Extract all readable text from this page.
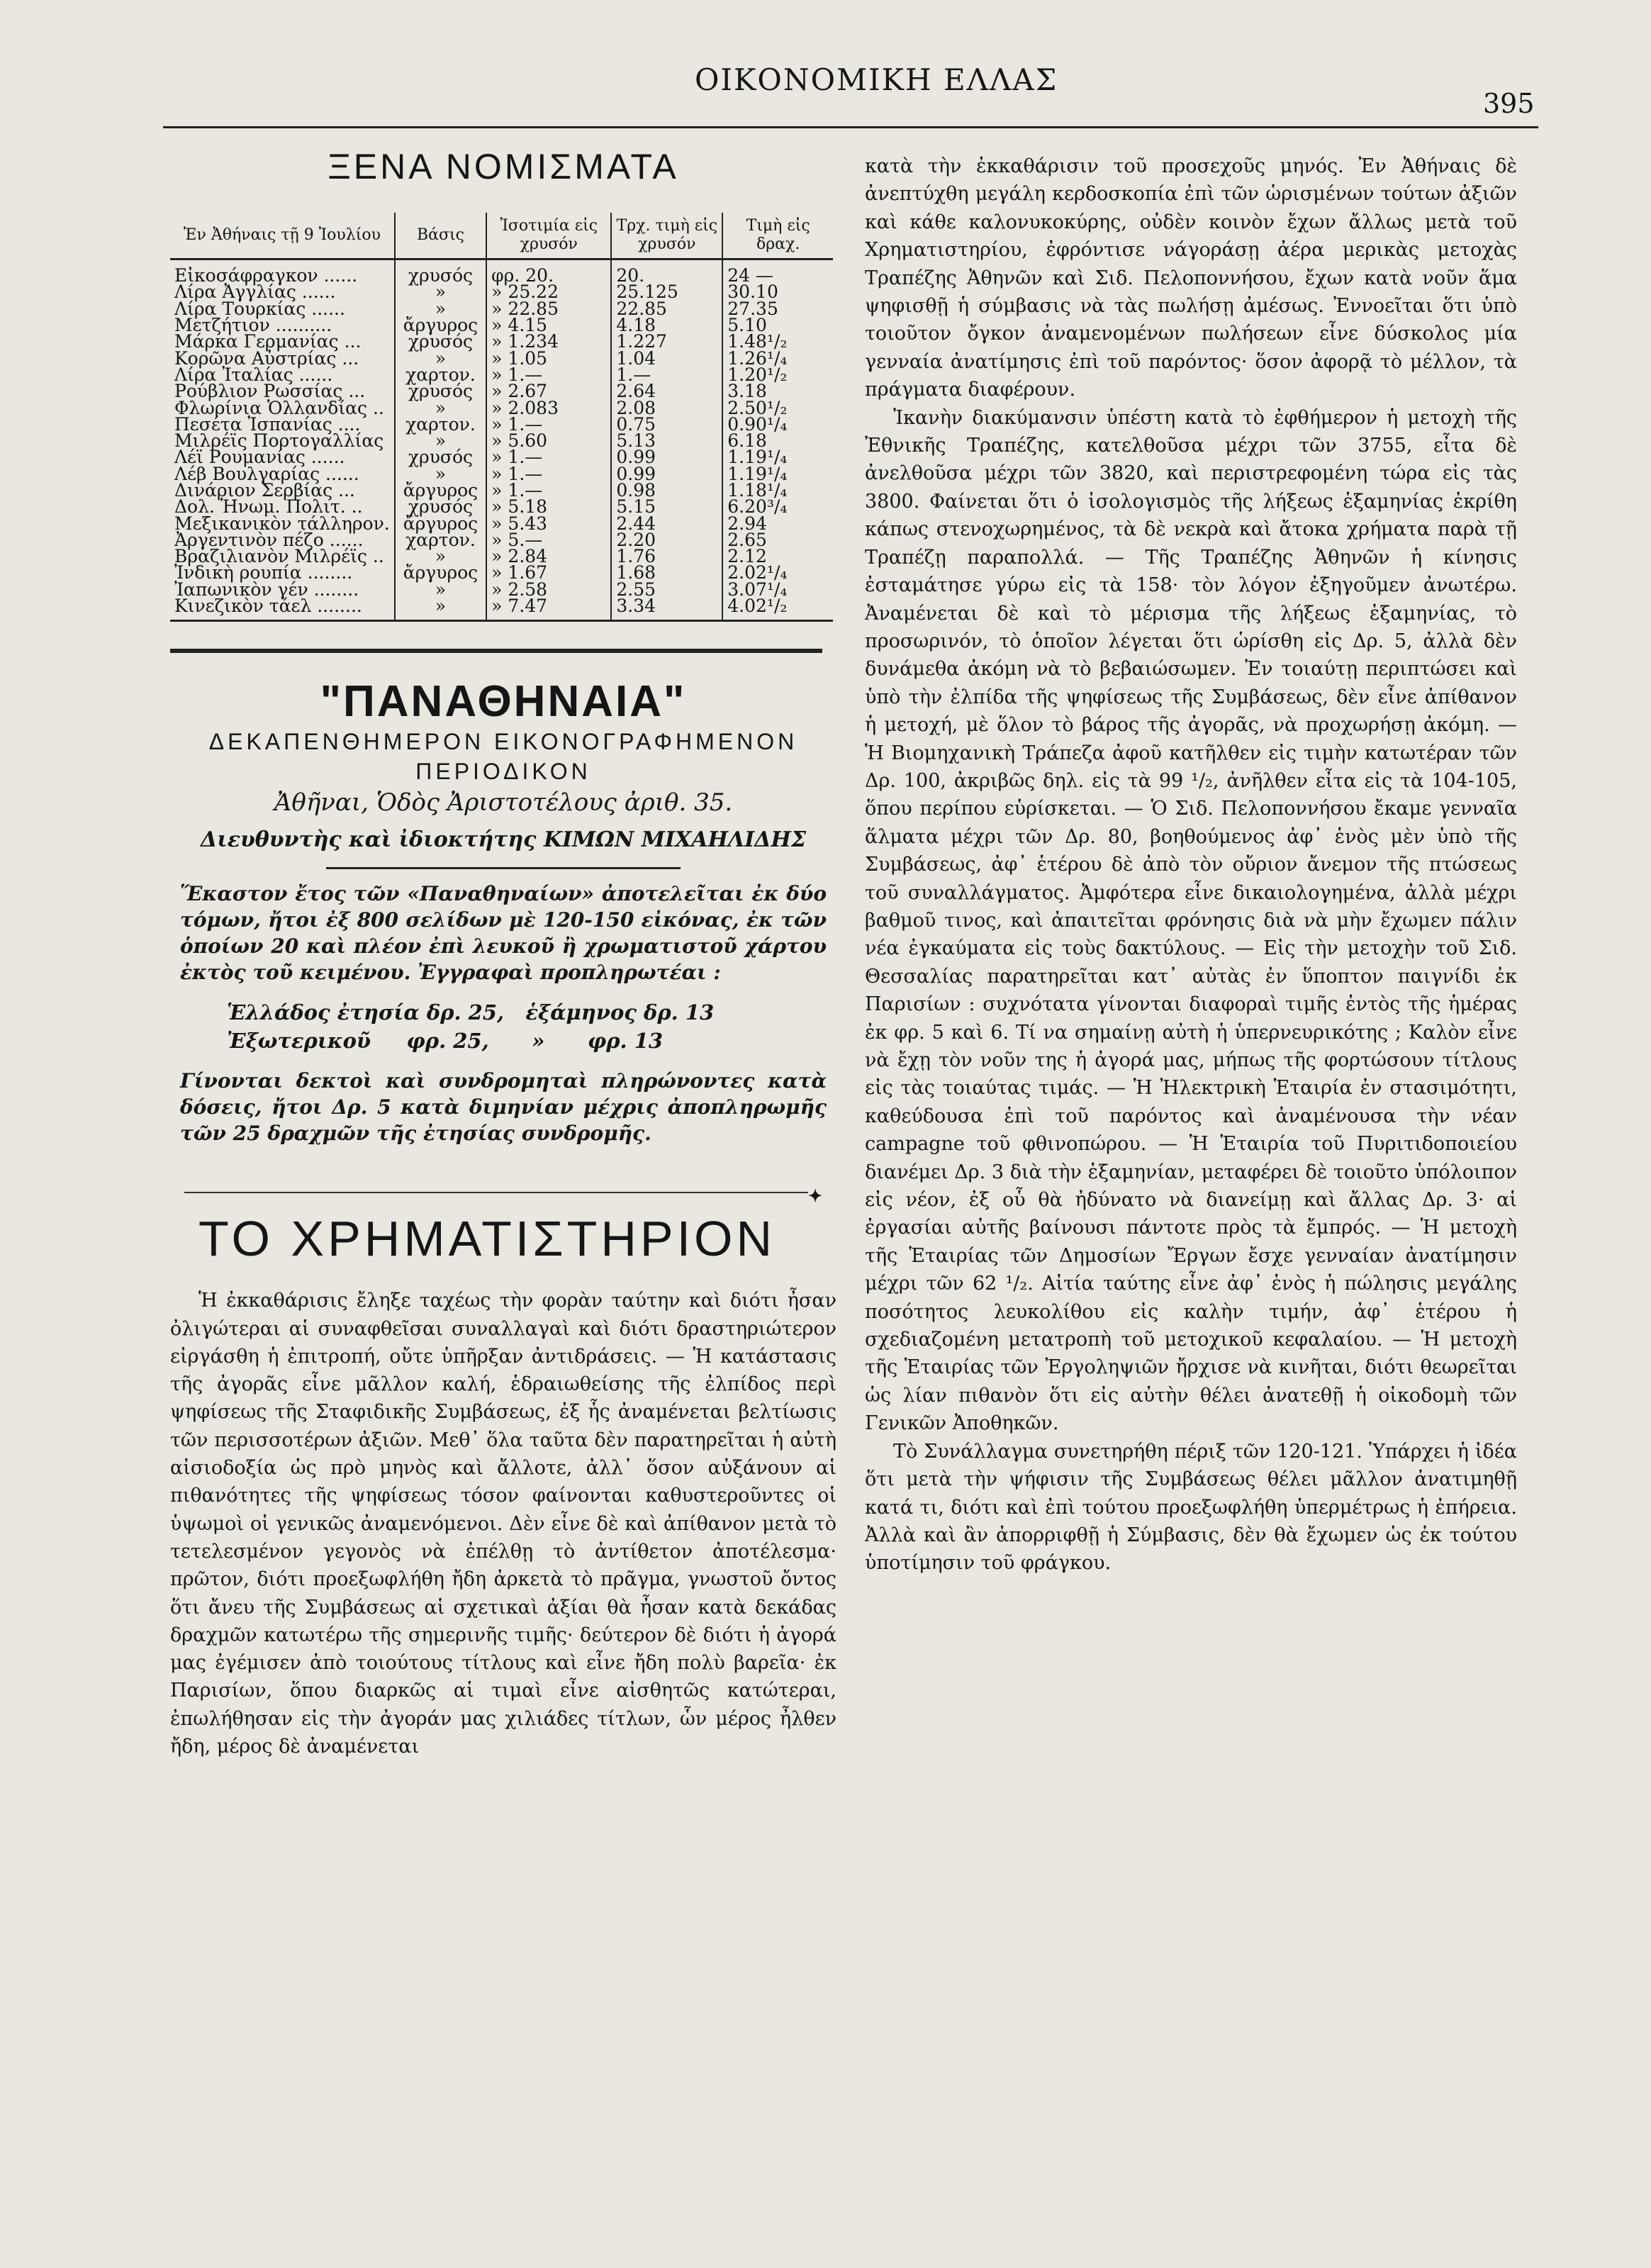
ΟΙΚΟΝΟΜΙΚΗ ΕΛΛΑΣ
395
ΞΕΝΑ ΝΟΜΙΣΜΑΤΑ
Ἐν Ἀθήναις τῇ 9 Ἰουλίου	Βάσις	Ἰσοτιμία εἰς χρυσόν	Τρχ. τιμὴ εἰς χρυσόν	Τιμὴ εἰς δραχ.
Εἰκοσάφραγκον ......	χρυσός	φρ. 20.	20.	24 —
Λίρα Ἀγγλίας ......	»	» 25.22	25.125	30.10
Λίρα Τουρκίας ......	»	» 22.85	22.85	27.35
Μετζήτιον ..........	ἄργυρος	» 4.15	4.18	5.10
Μάρκα Γερμανίας ...	χρυσός	» 1.234	1.227	1.48¹/₂
Κορῶνα Αὐστρίας ...	»	» 1.05	1.04	1.26¹/₄
Λίρα Ἰταλίας ......	χαρτον.	» 1.—	1.—	1.20¹/₂
Ρούβλιον Ρωσσίας ...	χρυσός	» 2.67	2.64	3.18
Φλωρίνια Ὁλλανδίας ..	»	» 2.083	2.08	2.50¹/₂
Πεσέτα Ἰσπανίας ....	χαρτον.	» 1.—	0.75	0.90¹/₄
Μιλρέϊς Πορτογαλλίας	»	» 5.60	5.13	6.18
Λέϊ Ρουμανίας ......	χρυσός	» 1.—	0.99	1.19¹/₄
Λέβ Βουλγαρίας ......	»	» 1.—	0.99	1.19¹/₄
Δινάριον Σερβίας ...	ἄργυρος	» 1.—	0.98	1.18¹/₄
Δολ. Ἡνωμ. Πολιτ. ..	χρυσός	» 5.18	5.15	6.20³/₄
Μεξικανικὸν τάλληρον.	ἄργυρος	» 5.43	2.44	2.94
Ἀργεντινὸν πέζο ......	χαρτον.	» 5.—	2.20	2.65
Βραζιλιανὸν Μιλρέϊς ..	»	» 2.84	1.76	2.12
Ἰνδικὴ ρουπία ........	ἄργυρος	» 1.67	1.68	2.02¹/₄
Ἰαπωνικὸν γέν ........	»	» 2.58	2.55	3.07¹/₄
Κινεζικὸν τάελ ........	»	» 7.47	3.34	4.02¹/₂
"ΠΑΝΑΘΗΝΑΙΑ"
ΔΕΚΑΠΕΝΘΗΜΕΡΟΝ ΕΙΚΟΝΟΓΡΑΦΗΜΕΝΟΝ ΠΕΡΙΟΔΙΚΟΝ
Ἀθῆναι, Ὁδὸς Ἀριστοτέλους ἀριθ. 35.
Διευθυντὴς καὶ ἰδιοκτήτης ΚΙΜΩΝ ΜΙΧΑΗΛΙΔΗΣ
Ἕκαστον ἔτος τῶν «Παναθηναίων» ἀποτελεῖται ἐκ δύο τόμων, ἤτοι ἐξ 800 σελίδων μὲ 120-150 εἰκόνας, ἐκ τῶν ὁποίων 20 καὶ πλέον ἐπὶ λευκοῦ ἢ χρωματιστοῦ χάρτου ἐκτὸς τοῦ κειμένου. Ἐγγραφαὶ προπληρωτέαι :
Ἑλλάδος ἐτησία δρ. 25,   ἑξάμηνος δρ. 13
Ἐξωτερικοῦ     φρ. 25,      »      φρ. 13
Γίνονται δεκτοὶ καὶ συνδρομηταὶ πληρώνοντες κατὰ δόσεις, ἤτοι Δρ. 5 κατὰ διμηνίαν μέχρις ἀποπληρωμῆς τῶν 25 δραχμῶν τῆς ἐτησίας συνδρομῆς.
✦
ΤΟ ΧΡΗΜΑΤΙΣΤΗΡΙΟΝ

Ἡ ἐκκαθάρισις ἔληξε ταχέως τὴν φορὰν ταύτην καὶ διότι ἦσαν ὀλιγώτεραι αἱ συναφθεῖσαι συναλλαγαὶ καὶ διότι δραστηριώτερον εἰργάσθη ἡ ἐπιτροπή, οὔτε ὑπῆρξαν ἀντιδράσεις. — Ἡ κατάστασις τῆς ἀγορᾶς εἶνε μᾶλλον καλή, ἑδραιωθείσης τῆς ἐλπίδος περὶ ψηφίσεως τῆς Σταφιδικῆς Συμβάσεως, ἐξ ἧς ἀναμένεται βελτίωσις τῶν περισσοτέρων ἀξιῶν. Μεθ᾽ ὅλα ταῦτα δὲν παρατηρεῖται ἡ αὐτὴ αἰσιοδοξία ὡς πρὸ μηνὸς καὶ ἄλλοτε, ἀλλ᾽ ὅσον αὐξάνουν αἱ πιθανότητες τῆς ψηφίσεως τόσον φαίνονται καθυστεροῦντες οἱ ὑψωμοὶ οἱ γενικῶς ἀναμενόμενοι. Δὲν εἶνε δὲ καὶ ἀπίθανον μετὰ τὸ τετελεσμένον γεγονὸς νὰ ἐπέλθῃ τὸ ἀντίθετον ἀποτέλεσμα· πρῶτον, διότι προεξωφλήθη ἤδη ἀρκετὰ τὸ πρᾶγμα, γνωστοῦ ὄντος ὅτι ἄνευ τῆς Συμβάσεως αἱ σχετικαὶ ἀξίαι θὰ ἦσαν κατὰ δεκάδας δραχμῶν κατωτέρω τῆς σημερινῆς τιμῆς· δεύτερον δὲ διότι ἡ ἀγορά μας ἐγέμισεν ἀπὸ τοιούτους τίτλους καὶ εἶνε ἤδη πολὺ βαρεῖα· ἐκ Παρισίων, ὅπου διαρκῶς αἱ τιμαὶ εἶνε αἰσθητῶς κατώτεραι, ἐπωλήθησαν εἰς τὴν ἀγοράν μας χιλιάδες τίτλων, ὧν μέρος ἦλθεν ἤδη, μέρος δὲ ἀναμένεται

κατὰ τὴν ἐκκαθάρισιν τοῦ προσεχοῦς μηνός. Ἐν Ἀθήναις δὲ ἀνεπτύχθη μεγάλη κερδοσκοπία ἐπὶ τῶν ὡρισμένων τούτων ἀξιῶν καὶ κάθε καλονυκοκύρης, οὐδὲν κοινὸν ἔχων ἄλλως μετὰ τοῦ Χρηματιστηρίου, ἐφρόντισε νάγοράσῃ ἀέρα μερικὰς μετοχὰς Τραπέζης Ἀθηνῶν καὶ Σιδ. Πελοποννήσου, ἔχων κατὰ νοῦν ἅμα ψηφισθῇ ἡ σύμβασις νὰ τὰς πωλήσῃ ἀμέσως. Ἐννοεῖται ὅτι ὑπὸ τοιοῦτον ὄγκον ἀναμενομένων πωλήσεων εἶνε δύσκολος μία γενναία ἀνατίμησις ἐπὶ τοῦ παρόντος· ὅσον ἀφορᾷ τὸ μέλλον, τὰ πράγματα διαφέρουν.

Ἰκανὴν διακύμανσιν ὑπέστη κατὰ τὸ ἐφθήμερον ἡ μετοχὴ τῆς Ἐθνικῆς Τραπέζης, κατελθοῦσα μέχρι τῶν 3755, εἶτα δὲ ἀνελθοῦσα μέχρι τῶν 3820, καὶ περιστρεφομένη τώρα εἰς τὰς 3800. Φαίνεται ὅτι ὁ ἰσολογισμὸς τῆς λήξεως ἑξαμηνίας ἐκρίθη κάπως στενοχωρημένος, τὰ δὲ νεκρὰ καὶ ἄτοκα χρήματα παρὰ τῇ Τραπέζῃ παραπολλά. — Τῆς Τραπέζης Ἀθηνῶν ἡ κίνησις ἐσταμάτησε γύρω εἰς τὰ 158· τὸν λόγον ἐξηγοῦμεν ἀνωτέρω. Ἀναμένεται δὲ καὶ τὸ μέρισμα τῆς λήξεως ἑξαμηνίας, τὸ προσωρινόν, τὸ ὁποῖον λέγεται ὅτι ὡρίσθη εἰς Δρ. 5, ἀλλὰ δὲν δυνάμεθα ἀκόμη νὰ τὸ βεβαιώσωμεν. Ἐν τοιαύτῃ περιπτώσει καὶ ὑπὸ τὴν ἐλπίδα τῆς ψηφίσεως τῆς Συμβάσεως, δὲν εἶνε ἀπίθανον ἡ μετοχή, μὲ ὅλον τὸ βάρος τῆς ἀγορᾶς, νὰ προχωρήσῃ ἀκόμη. — Ἡ Βιομηχανικὴ Τράπεζα ἀφοῦ κατῆλθεν εἰς τιμὴν κατωτέραν τῶν Δρ. 100, ἀκριβῶς δηλ. εἰς τὰ 99 ¹/₂, ἀνῆλθεν εἶτα εἰς τὰ 104-105, ὅπου περίπου εὑρίσκεται. — Ὁ Σιδ. Πελοποννήσου ἔκαμε γενναῖα ἅλματα μέχρι τῶν Δρ. 80, βοηθούμενος ἀφ᾽ ἑνὸς μὲν ὑπὸ τῆς Συμβάσεως, ἀφ᾽ ἑτέρου δὲ ἀπὸ τὸν οὔριον ἄνεμον τῆς πτώσεως τοῦ συναλλάγματος. Ἀμφότερα εἶνε δικαιολογημένα, ἀλλὰ μέχρι βαθμοῦ τινος, καὶ ἀπαιτεῖται φρόνησις διὰ νὰ μὴν ἔχωμεν πάλιν νέα ἐγκαύματα εἰς τοὺς δακτύλους. — Εἰς τὴν μετοχὴν τοῦ Σιδ. Θεσσαλίας παρατηρεῖται κατ᾽ αὐτὰς ἐν ὕποπτον παιγνίδι ἐκ Παρισίων : συχνότατα γίνονται διαφοραὶ τιμῆς ἐντὸς τῆς ἡμέρας ἐκ φρ. 5 καὶ 6. Τί να σημαίνῃ αὐτὴ ἡ ὑπερνευρικότης ; Καλὸν εἶνε νὰ ἔχῃ τὸν νοῦν της ἡ ἀγορά μας, μήπως τῆς φορτώσουν τίτλους εἰς τὰς τοιαύτας τιμάς. — Ἡ Ἠλεκτρικὴ Ἑταιρία ἐν στασιμότητι, καθεύδουσα ἐπὶ τοῦ παρόντος καὶ ἀναμένουσα τὴν νέαν campagne τοῦ φθινοπώρου. — Ἡ Ἑταιρία τοῦ Πυριτιδοποιείου διανέμει Δρ. 3 διὰ τὴν ἑξαμηνίαν, μεταφέρει δὲ τοιοῦτο ὑπόλοιπον εἰς νέον, ἐξ οὗ θὰ ἠδύνατο νὰ διανείμῃ καὶ ἄλλας Δρ. 3· αἱ ἐργασίαι αὐτῆς βαίνουσι πάντοτε πρὸς τὰ ἔμπρός. — Ἡ μετοχὴ τῆς Ἑταιρίας τῶν Δημοσίων Ἔργων ἔσχε γενναίαν ἀνατίμησιν μέχρι τῶν 62 ¹/₂. Αἰτία ταύτης εἶνε ἀφ᾽ ἑνὸς ἡ πώλησις μεγάλης ποσότητος λευκολίθου εἰς καλὴν τιμήν, ἀφ᾽ ἑτέρου ἡ σχεδιαζομένη μετατροπὴ τοῦ μετοχικοῦ κεφαλαίου. — Ἡ μετοχὴ τῆς Ἑταιρίας τῶν Ἐργοληψιῶν ἤρχισε νὰ κινῆται, διότι θεωρεῖται ὡς λίαν πιθανὸν ὅτι εἰς αὐτὴν θέλει ἀνατεθῇ ἡ οἰκοδομὴ τῶν Γενικῶν Ἀποθηκῶν.

Τὸ Συνάλλαγμα συνετηρήθη πέριξ τῶν 120-121. Ὑπάρχει ἡ ἰδέα ὅτι μετὰ τὴν ψήφισιν τῆς Συμβάσεως θέλει μᾶλλον ἀνατιμηθῇ κατά τι, διότι καὶ ἐπὶ τούτου προεξωφλήθη ὑπερμέτρως ἡ ἐπήρεια. Ἀλλὰ καὶ ἂν ἀπορριφθῇ ἡ Σύμβασις, δὲν θὰ ἔχωμεν ὡς ἐκ τούτου ὑποτίμησιν τοῦ φράγκου.
